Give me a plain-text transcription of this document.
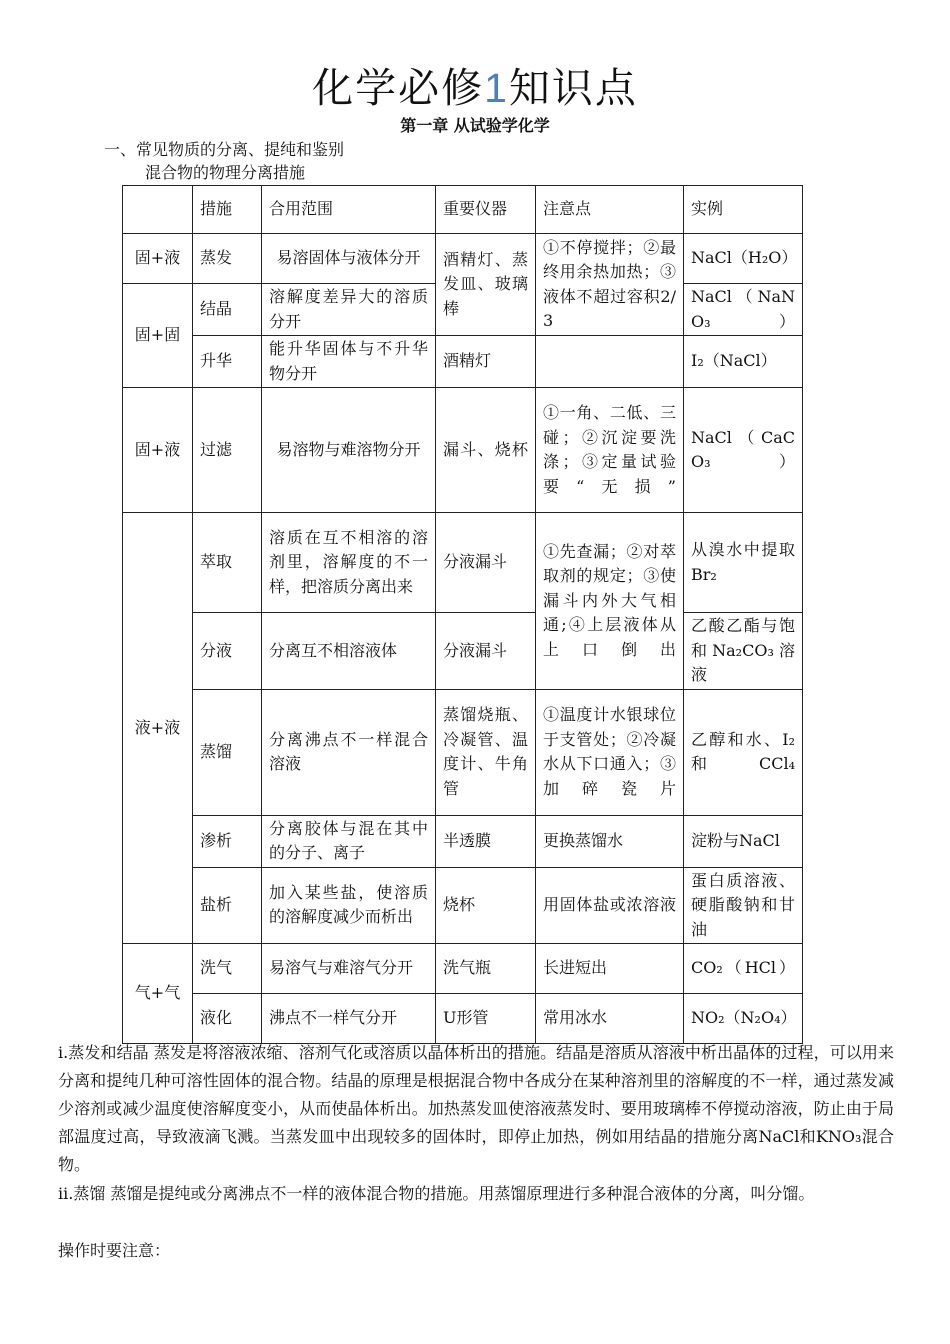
化学必修1知识点
第一章 从试验学化学
一、常见物质的分离、提纯和鉴别
混合物的物理分离措施
	措施	合用范围	重要仪器	注意点	实例
固+液	蒸发	易溶固体与液体分开	酒精灯、蒸发皿、玻璃棒	①不停搅拌；②最终用余热加热；③液体不超过容积2/3	NaCl（H₂O）
固+固	结晶	溶解度差异大的溶质分开			NaCl（NaNO₃）
	升华	能升华固体与不升华物分开	酒精灯		I₂（NaCl）
固+液	过滤	易溶物与难溶物分开	漏斗、烧杯	①一角、二低、三碰；②沉淀要洗涤；③定量试验要“无损”	NaCl（CaCO₃）
液+液	萃取	溶质在互不相溶的溶剂里，溶解度的不一样，把溶质分离出来	分液漏斗	①先查漏；②对萃取剂的规定；③使漏斗内外大气相通;④上层液体从上口倒出	从溴水中提取Br₂
	分液	分离互不相溶液体	分液漏斗		乙酸乙酯与饱和Na₂CO₃溶液
	蒸馏	分离沸点不一样混合溶液	蒸馏烧瓶、冷凝管、温度计、牛角管	①温度计水银球位于支管处；②冷凝水从下口通入；③加碎瓷片	乙醇和水、I₂和CCl₄
	渗析	分离胶体与混在其中的分子、离子	半透膜	更换蒸馏水	淀粉与NaCl
	盐析	加入某些盐，使溶质的溶解度减少而析出	烧杯	用固体盐或浓溶液	蛋白质溶液、硬脂酸钠和甘油
气+气	洗气	易溶气与难溶气分开	洗气瓶	长进短出	CO₂（HCl）
	液化	沸点不一样气分开	U形管	常用冰水	NO₂（N₂O₄）
i.蒸发和结晶 蒸发是将溶液浓缩、溶剂气化或溶质以晶体析出的措施。结晶是溶质从溶液中析出晶体的过程，可以用来分离和提纯几种可溶性固体的混合物。结晶的原理是根据混合物中各成分在某种溶剂里的溶解度的不一样，通过蒸发减少溶剂或减少温度使溶解度变小，从而使晶体析出。加热蒸发皿使溶液蒸发时、要用玻璃棒不停搅动溶液，防止由于局部温度过高，导致液滴飞溅。当蒸发皿中出现较多的固体时，即停止加热，例如用结晶的措施分离NaCl和KNO₃混合物。
ii.蒸馏 蒸馏是提纯或分离沸点不一样的液体混合物的措施。用蒸馏原理进行多种混合液体的分离，叫分馏。
操作时要注意：
